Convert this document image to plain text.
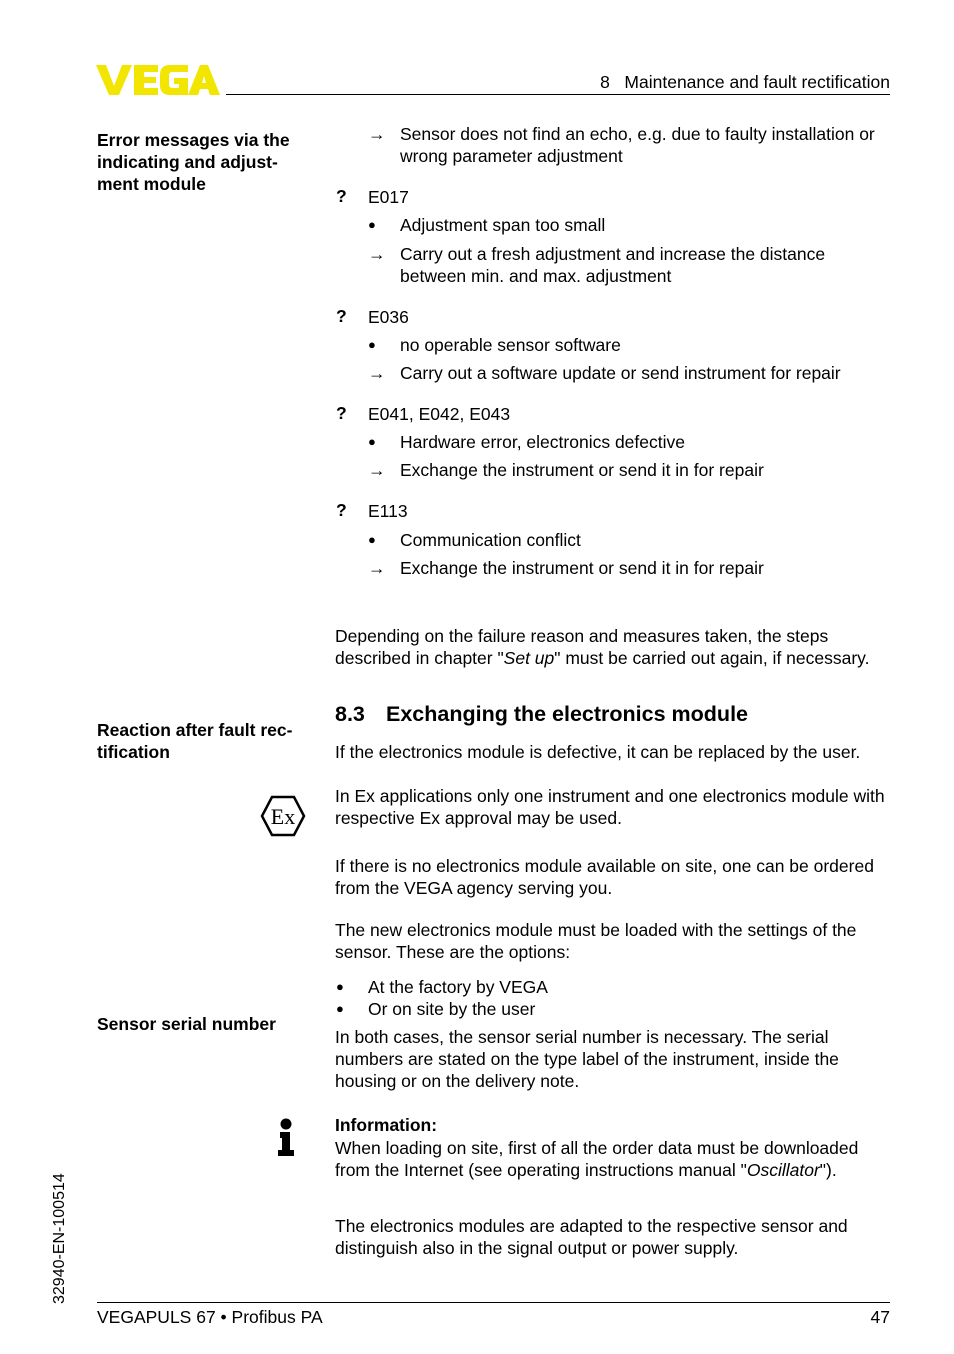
8   Maintenance and fault rectification
Error messages via the indicating and adjustment module
Reaction after fault rectification
Sensor serial number
→ Sensor does not find an echo, e.g. due to faulty installation or wrong parameter adjustment
? E017
● Adjustment span too small
→ Carry out a fresh adjustment and increase the distance between min. and max. adjustment
? E036
● no operable sensor software
→ Carry out a software update or send instrument for repair
? E041, E042, E043
● Hardware error, electronics defective
→ Exchange the instrument or send it in for repair
? E113
● Communication conflict
→ Exchange the instrument or send it in for repair
Depending on the failure reason and measures taken, the steps described in chapter "Set up" must be carried out again, if necessary.
8.3 Exchanging the electronics module
If the electronics module is defective, it can be replaced by the user.
Ex
In Ex applications only one instrument and one electronics module with respective Ex approval may be used.
If there is no electronics module available on site, one can be ordered from the VEGA agency serving you.
The new electronics module must be loaded with the settings of the sensor. These are the options:
● At the factory by VEGA
● Or on site by the user
In both cases, the sensor serial number is necessary. The serial numbers are stated on the type label of the instrument, inside the housing or on the delivery note.
Information:
When loading on site, first of all the order data must be downloaded from the Internet (see operating instructions manual "Oscillator").
The electronics modules are adapted to the respective sensor and distinguish also in the signal output or power supply.
32940-EN-100514
VEGAPULS 67 • Profibus PA	47
